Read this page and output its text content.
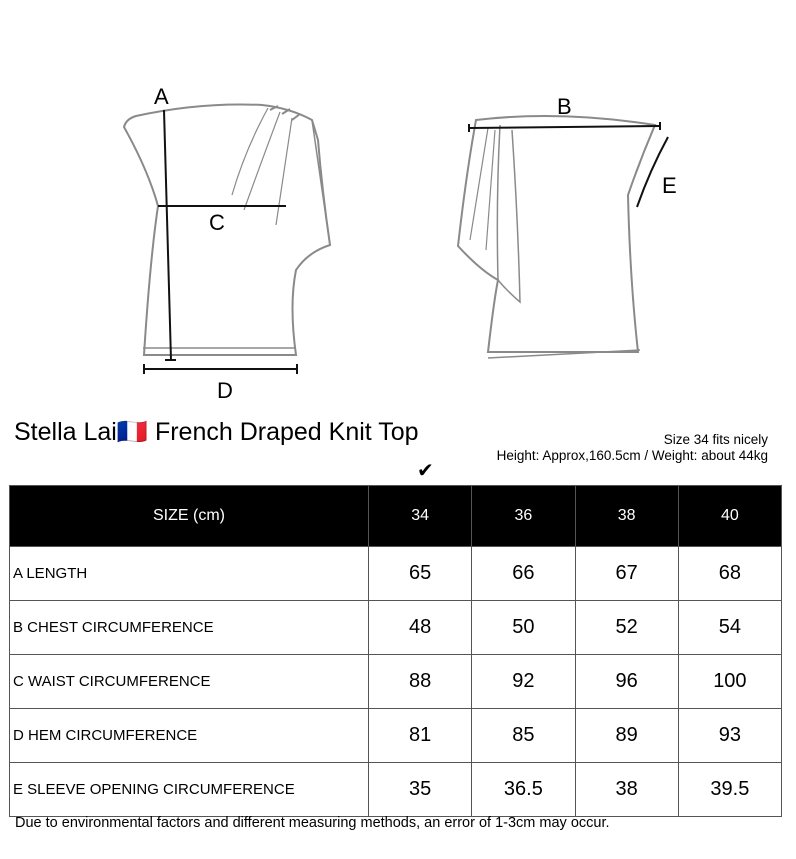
A
C
D
B
E
Stella Lai🇫🇷 French Draped Knit Top	Size 34 fits nicely
Height: Approx,160.5cm / Weight: about 44kg
✔
SIZE (cm)	34	36	38	40
A LENGTH	65	66	67	68
B CHEST CIRCUMFERENCE	48	50	52	54
C WAIST CIRCUMFERENCE	88	92	96	100
D HEM CIRCUMFERENCE	81	85	89	93
E SLEEVE OPENING CIRCUMFERENCE	35	36.5	38	39.5
Due to environmental factors and different measuring methods, an error of 1-3cm may occur.
